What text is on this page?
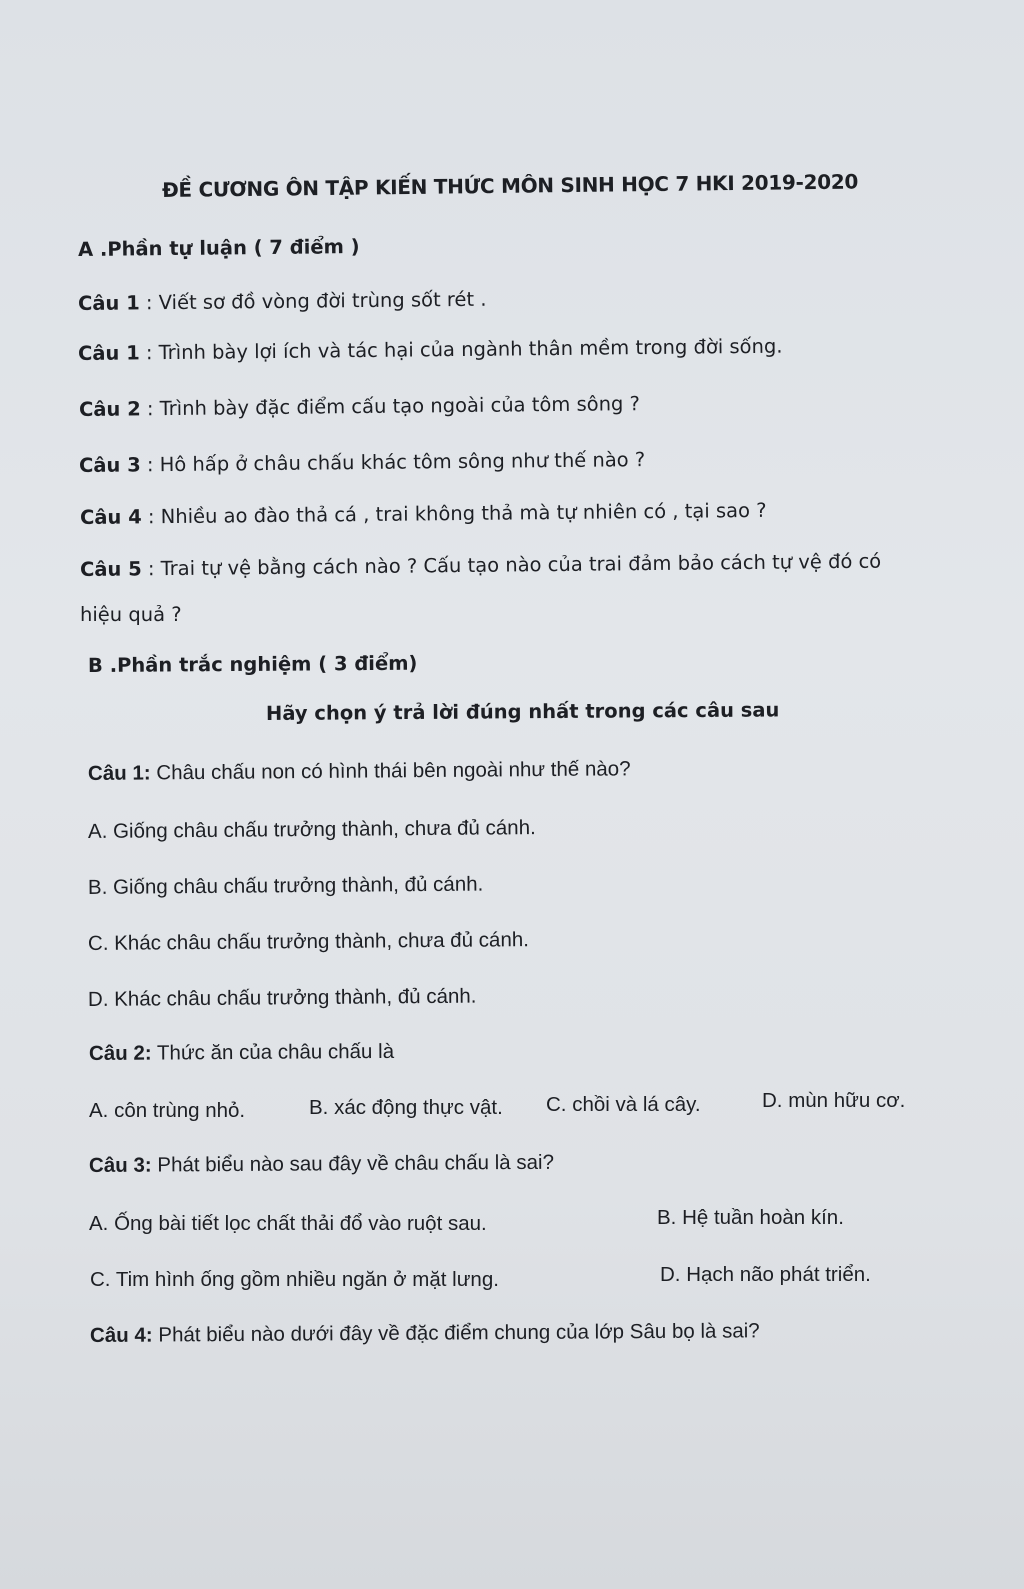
ĐỀ CƯƠNG ÔN TẬP KIẾN THỨC MÔN SINH HỌC 7 HKI 2019-2020
A .Phần tự luận ( 7 điểm )
Câu 1 : Viết sơ đồ vòng đời trùng sốt rét .
Câu 1 : Trình bày lợi ích và tác hại của ngành thân mềm trong đời sống.
Câu 2 : Trình bày đặc điểm cấu tạo ngoài của tôm sông ?
Câu 3 : Hô hấp ở châu chấu khác tôm sông như thế nào ?
Câu 4 : Nhiều ao đào thả cá , trai không thả mà tự nhiên có , tại sao ?
Câu 5 : Trai tự vệ bằng cách nào ? Cấu tạo nào của trai đảm bảo cách tự vệ đó có
hiệu quả ?
B .Phần trắc nghiệm ( 3 điểm)
Hãy chọn ý trả lời đúng nhất trong các câu sau
Câu 1: Châu chấu non có hình thái bên ngoài như thế nào?
A. Giống châu chấu trưởng thành, chưa đủ cánh.
B. Giống châu chấu trưởng thành, đủ cánh.
C. Khác châu chấu trưởng thành, chưa đủ cánh.
D. Khác châu chấu trưởng thành, đủ cánh.
Câu 2: Thức ăn của châu chấu là
A. côn trùng nhỏ.	B. xác động thực vật. C. chồi và lá cây.	D. mùn hữu cơ.
Câu 3: Phát biểu nào sau đây về châu chấu là sai?
A. Ống bài tiết lọc chất thải đổ vào ruột sau.	B. Hệ tuần hoàn kín.
C. Tim hình ống gồm nhiều ngăn ở mặt lưng.	D. Hạch não phát triển.
Câu 4: Phát biểu nào dưới đây về đặc điểm chung của lớp Sâu bọ là sai?
